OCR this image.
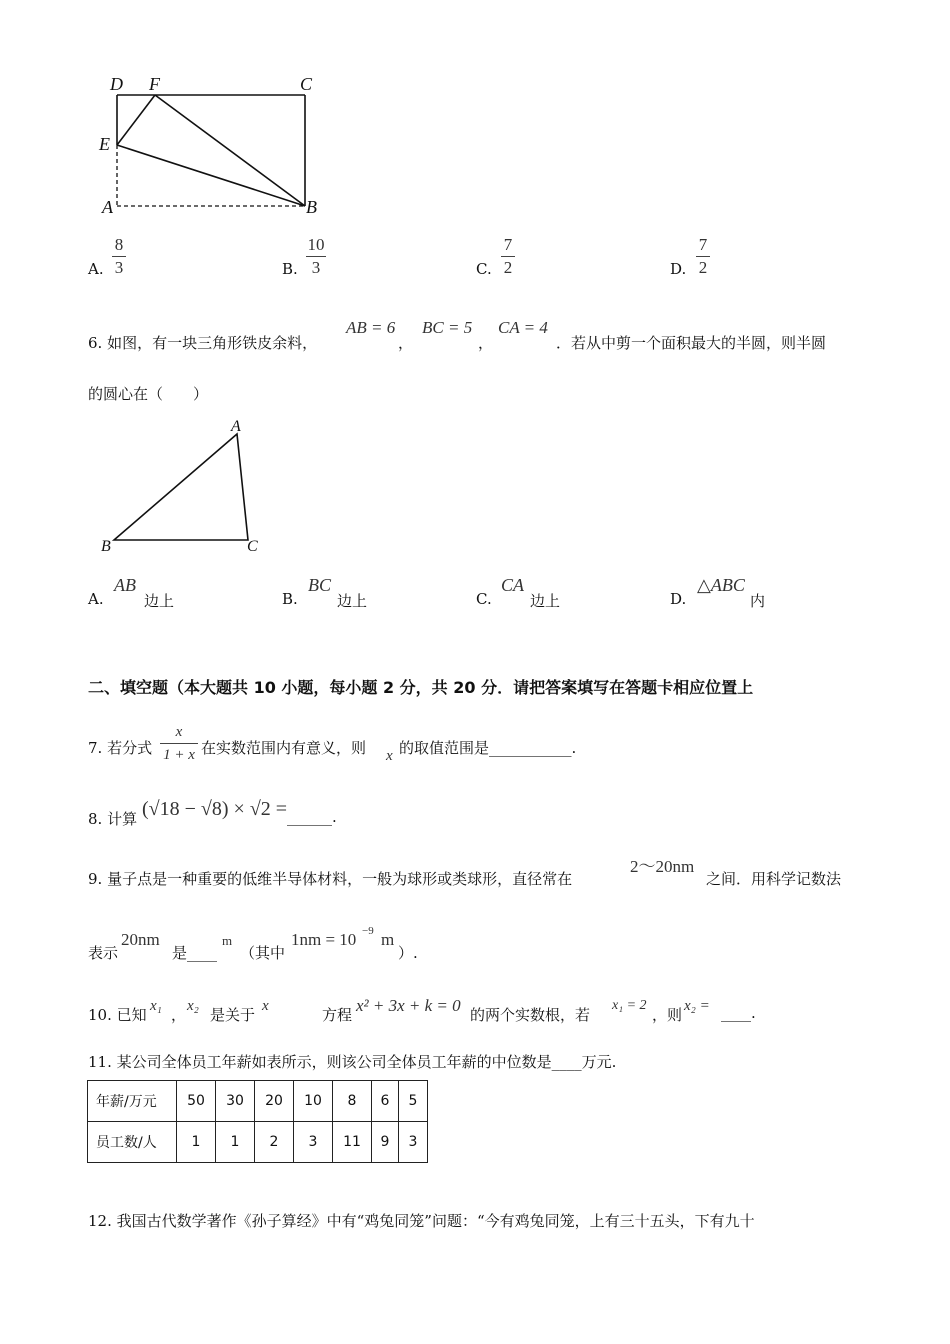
D F	C
E
A	B
A.
8
3	B.
10
3	C.
7
2	D.
7
2
6. 如图，有一块三角形铁皮余料，
AB = 6
，
BC = 5
，
CA = 4
．若从中剪一个面积最大的半圆，则半圆
的圆心在（　　）
A
B	C
A.
AB
边上	B.
BC
边上	C.
CA
边上	D.
△ABC
内
二、填空题（本大题共 10 小题，每小题 2 分，共 20 分．请把答案填写在答题卡相应位置上
7. 若分式
x
1 + x 在实数范围内有意义，则 x 的取值范围是___________.
8. 计算 (√18 − √8) × √2 = ______.
9. 量子点是一种重要的低维半导体材料，一般为球形或类球形，直径常在
2～20nm
之间．用科学记数法
表示
20nm
是____
m
（其中
1nm = 10 −9 m
）.
10. 已知 x₁ ， x₂ 是关于 x	方程 x² + 3x + k = 0 的两个实数根，若
x₁ = 2
，则 x₂ = ____.
11. 某公司全体员工年薪如表所示，则该公司全体员工年薪的中位数是____万元.
年薪/万元	50	30	20	10	8	6	5
员工数/人	1	1	2	3	11	9	3
12. 我国古代数学著作《孙子算经》中有“鸡兔同笼”问题：“今有鸡兔同笼，上有三十五头，下有九十
